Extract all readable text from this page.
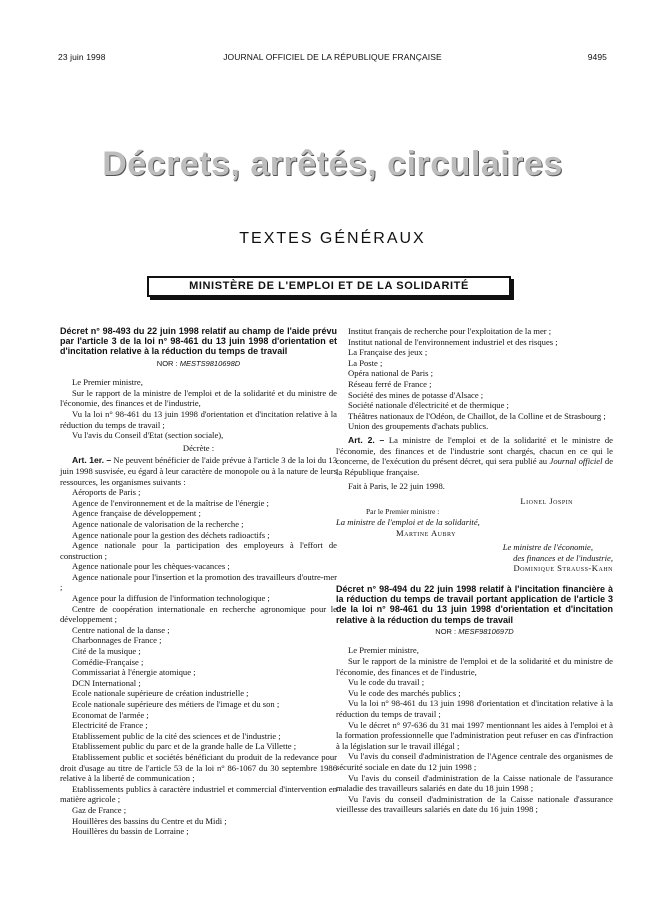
23 juin 1998	JOURNAL OFFICIEL DE LA RÉPUBLIQUE FRANÇAISE	9495
Décrets, arrêtés, circulaires
TEXTES GÉNÉRAUX
MINISTÈRE DE L'EMPLOI ET DE LA SOLIDARITÉ
Décret n° 98-493 du 22 juin 1998 relatif au champ de l'aide prévu par l'article 3 de la loi n° 98-461 du 13 juin 1998 d'orientation et d'incitation relative à la réduction du temps de travail
NOR : MESTS9810698D

Le Premier ministre,

Sur le rapport de la ministre de l'emploi et de la solidarité et du ministre de l'économie, des finances et de l'industrie,

Vu la loi n° 98-461 du 13 juin 1998 d'orientation et d'incitation relative à la réduction du temps de travail ;

Vu l'avis du Conseil d'Etat (section sociale),

Décrète :

Art. 1er. – Ne peuvent bénéficier de l'aide prévue à l'article 3 de la loi du 13 juin 1998 susvisée, eu égard à leur caractère de monopole ou à la nature de leurs ressources, les organismes suivants :

Aéroports de Paris ;

Agence de l'environnement et de la maîtrise de l'énergie ;

Agence française de développement ;

Agence nationale de valorisation de la recherche ;

Agence nationale pour la gestion des déchets radioactifs ;

Agence nationale pour la participation des employeurs à l'effort de construction ;

Agence nationale pour les chèques-vacances ;

Agence nationale pour l'insertion et la promotion des travailleurs d'outre-mer ;

Agence pour la diffusion de l'information technologique ;

Centre de coopération internationale en recherche agronomique pour le développement ;

Centre national de la danse ;

Charbonnages de France ;

Cité de la musique ;

Comédie-Française ;

Commissariat à l'énergie atomique ;

DCN International ;

Ecole nationale supérieure de création industrielle ;

Ecole nationale supérieure des métiers de l'image et du son ;

Economat de l'armée ;

Electricité de France ;

Etablissement public de la cité des sciences et de l'industrie ;

Etablissement public du parc et de la grande halle de La Villette ;

Etablissement public et sociétés bénéficiant du produit de la redevance pour droit d'usage au titre de l'article 53 de la loi n° 86-1067 du 30 septembre 1986 relative à la liberté de communication ;

Etablissements publics à caractère industriel et commercial d'intervention en matière agricole ;

Gaz de France ;

Houillères des bassins du Centre et du Midi ;

Houillères du bassin de Lorraine ;

Institut français de recherche pour l'exploitation de la mer ;

Institut national de l'environnement industriel et des risques ;

La Française des jeux ;

La Poste ;

Opéra national de Paris ;

Réseau ferré de France ;

Société des mines de potasse d'Alsace ;

Société nationale d'électricité et de thermique ;

Théâtres nationaux de l'Odéon, de Chaillot, de la Colline et de Strasbourg ;

Union des groupements d'achats publics.

Art. 2. – La ministre de l'emploi et de la solidarité et le ministre de l'économie, des finances et de l'industrie sont chargés, chacun en ce qui le concerne, de l'exécution du présent décret, qui sera publié au Journal officiel de la République française.

Fait à Paris, le 22 juin 1998.

Lionel Jospin

Par le Premier ministre :

La ministre de l'emploi et de la solidarité,

Martine Aubry

Le ministre de l'économie,

des finances et de l'industrie,

Dominique Strauss-Kahn

Décret n° 98-494 du 22 juin 1998 relatif à l'incitation financière à la réduction du temps de travail portant application de l'article 3 de la loi n° 98-461 du 13 juin 1998 d'orientation et d'incitation relative à la réduction du temps de travail
NOR : MESF9810697D

Le Premier ministre,

Sur le rapport de la ministre de l'emploi et de la solidarité et du ministre de l'économie, des finances et de l'industrie,

Vu le code du travail ;

Vu le code des marchés publics ;

Vu la loi n° 98-461 du 13 juin 1998 d'orientation et d'incitation relative à la réduction du temps de travail ;

Vu le décret n° 97-636 du 31 mai 1997 mentionnant les aides à l'emploi et à la formation professionnelle que l'administration peut refuser en cas d'infraction à la législation sur le travail illégal ;

Vu l'avis du conseil d'administration de l'Agence centrale des organismes de sécurité sociale en date du 12 juin 1998 ;

Vu l'avis du conseil d'administration de la Caisse nationale de l'assurance maladie des travailleurs salariés en date du 18 juin 1998 ;

Vu l'avis du conseil d'administration de la Caisse nationale d'assurance vieillesse des travailleurs salariés en date du 16 juin 1998 ;
